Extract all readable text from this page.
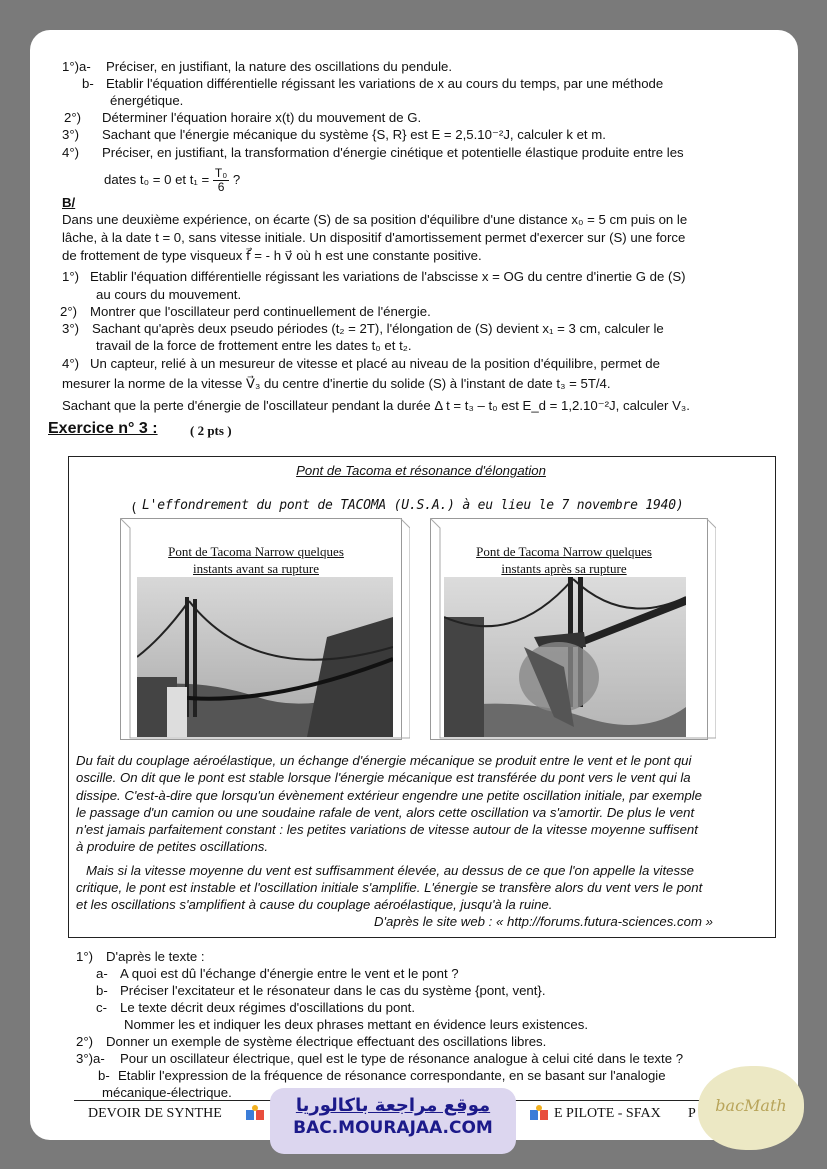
1°)a- Préciser, en justifiant, la nature des oscillations du pendule.
b- Etablir l'équation différentielle régissant les variations de x au cours du temps, par une méthode
énergétique.
2°) Déterminer l'équation horaire x(t) du mouvement de G.
3°) Sachant que l'énergie mécanique du système {S, R} est E = 2,5.10⁻²J, calculer k et m.
4°) Préciser, en justifiant, la transformation d'énergie cinétique et potentielle élastique produite entre les
dates t₀ = 0 et $t_1 = \frac{\text{T₀}}{6}$ ?
B/
Dans une deuxième expérience, on écarte (S) de sa position d'équilibre d'une distance x₀ = 5 cm puis on le
lâche, à la date t = 0, sans vitesse initiale. Un dispositif d'amortissement permet d'exercer sur (S) une force
de frottement de type visqueux f⃗ = - h v⃗ où h est une constante positive.
1°) Etablir l'équation différentielle régissant les variations de l'abscisse x = OG du centre d'inertie G de (S)
au cours du mouvement.
2°) Montrer que l'oscillateur perd continuellement de l'énergie.
3°) Sachant qu'après deux pseudo périodes (t₂ = 2T), l'élongation de (S) devient x₁ = 3 cm, calculer le
travail de la force de frottement entre les dates t₀ et t₂.
4°) Un capteur, relié à un mesureur de vitesse et placé au niveau de la position d'équilibre, permet de
mesurer la norme de la vitesse V⃗₃ du centre d'inertie du solide (S) à l'instant de date t₃ = 5T/4.
Sachant que la perte d'énergie de l'oscillateur pendant la durée Δ t = t₃ – t₀ est E_d = 1,2.10⁻²J, calculer V₃.
Exercice n° 3 : ( 2 pts )
Pont de Tacoma et résonance d'élongation
( L'effondrement du pont de TACOMA (U.S.A.) à eu lieu le 7 novembre 1940)
Pont de Tacoma Narrow quelques
instants avant sa rupture
Pont de Tacoma Narrow quelques
instants après sa rupture
Du fait du couplage aéroélastique, un échange d'énergie mécanique se produit entre le vent et le pont qui
oscille. On dit que le pont est stable lorsque l'énergie mécanique est transférée du pont vers le vent qui la
dissipe. C'est-à-dire que lorsqu'un évènement extérieur engendre une petite oscillation initiale, par exemple
le passage d'un camion ou une soudaine rafale de vent, alors cette oscillation va s'amortir. De plus le vent
n'est jamais parfaitement constant : les petites variations de vitesse autour de la vitesse moyenne suffisent
à produire de petites oscillations.
Mais si la vitesse moyenne du vent est suffisamment élevée, au dessus de ce que l'on appelle la vitesse
critique, le pont est instable et l'oscillation initiale s'amplifie. L'énergie se transfère alors du vent vers le pont
et les oscillations s'amplifient à cause du couplage aéroélastique, jusqu'à la ruine.
D'après le site web : « http://forums.futura-sciences.com »
1°) D'après le texte :
a- A quoi est dû l'échange d'énergie entre le vent et le pont ?
b- Préciser l'excitateur et le résonateur dans le cas du système {pont, vent}.
c- Le texte décrit deux régimes d'oscillations du pont.
Nommer les et indiquer les deux phrases mettant en évidence leurs existences.
2°) Donner un exemple de système électrique effectuant des oscillations libres.
3°)a- Pour un oscillateur électrique, quel est le type de résonance analogue à celui cité dans le texte ?
b- Etablir l'expression de la fréquence de résonance correspondante, en se basant sur l'analogie
mécanique-électrique.
DEVOIR DE SYNTHE	E PILOTE - SFAX P
موقع مراجعة باكالوريا
BAC.MOURAJAA.COM
bacMath
